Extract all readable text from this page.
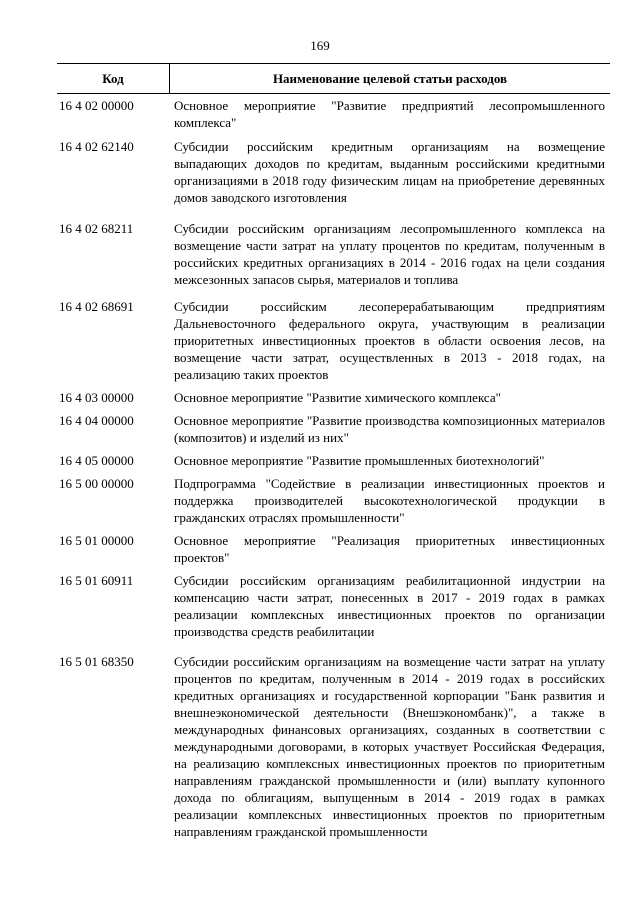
169
Код	Наименование целевой статьи расходов
16 4 02 00000	Основное мероприятие "Развитие предприятий лесопромышленного комплекса"
16 4 02 62140	Субсидии российским кредитным организациям на возмещение выпадающих доходов по кредитам, выданным российскими кредитными организациями в 2018 году физическим лицам на приобретение деревянных домов заводского изготовления
16 4 02 68211	Субсидии российским организациям лесопромышленного комплекса на возмещение части затрат на уплату процентов по кредитам, полученным в российских кредитных организациях в 2014 - 2016 годах на цели создания межсезонных запасов сырья, материалов и топлива
16 4 02 68691	Субсидии российским лесоперерабатывающим предприятиям Дальневосточного федерального округа, участвующим в реализации приоритетных инвестиционных проектов в области освоения лесов, на возмещение части затрат, осуществленных в 2013 - 2018 годах, на реализацию таких проектов
16 4 03 00000	Основное мероприятие "Развитие химического комплекса"
16 4 04 00000	Основное мероприятие "Развитие производства композиционных материалов (композитов) и изделий из них"
16 4 05 00000	Основное мероприятие "Развитие промышленных биотехнологий"
16 5 00 00000	Подпрограмма "Содействие в реализации инвестиционных проектов и поддержка производителей высокотехнологической продукции в гражданских отраслях промышленности"
16 5 01 00000	Основное мероприятие "Реализация приоритетных инвестиционных проектов"
16 5 01 60911	Субсидии российским организациям реабилитационной индустрии на компенсацию части затрат, понесенных в 2017 - 2019 годах в рамках реализации комплексных инвестиционных проектов по организации производства средств реабилитации
16 5 01 68350	Субсидии российским организациям на возмещение части затрат на уплату процентов по кредитам, полученным в 2014 - 2019 годах в российских кредитных организациях и государственной корпорации "Банк развития и внешнеэкономической деятельности (Внешэкономбанк)", а также в международных финансовых организациях, созданных в соответствии с международными договорами, в которых участвует Российская Федерация, на реализацию комплексных инвестиционных проектов по приоритетным направлениям гражданской промышленности и (или) выплату купонного дохода по облигациям, выпущенным в 2014 - 2019 годах в рамках реализации комплексных инвестиционных проектов по приоритетным направлениям гражданской промышленности
